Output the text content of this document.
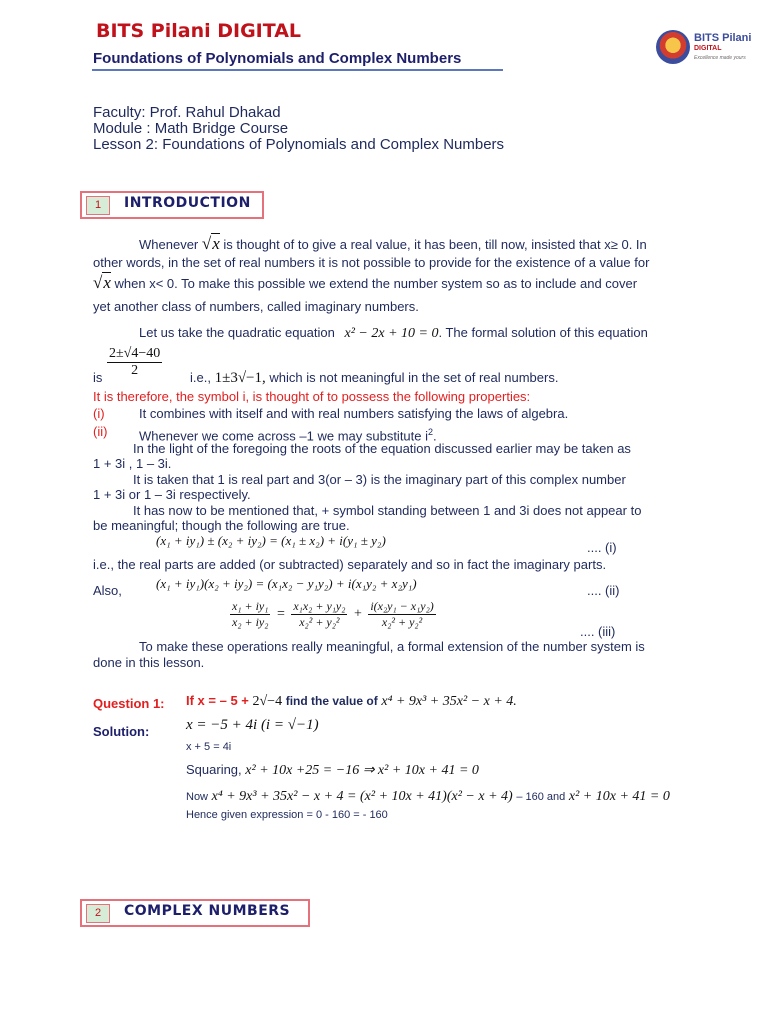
BITS Pilani DIGITAL
Foundations of Polynomials and Complex Numbers
BITS Pilani
DIGITAL
Excellence made yours
Faculty: Prof. Rahul Dhakad
Module : Math Bridge Course
Lesson 2: Foundations of Polynomials and Complex Numbers
1	INTRODUCTION
Whenever √x is thought of to give a real value, it has been, till now, insisted that x≥ 0. In
other words, in the set of real numbers it is not possible to provide for the existence of a value for
√x when x< 0. To make this possible we extend the number system so as to include and cover
yet another class of numbers, called imaginary numbers.
Let us take the quadratic equation x² − 2x + 10 = 0. The formal solution of this equation
$\frac{2\pm√4-40}{2}$
is	i.e., 1±3√−1, which is not meaningful in the set of real numbers.
It is therefore, the symbol i, is thought of to possess the following properties:
(i)	It combines with itself and with real numbers satisfying the laws of algebra.
(ii) Whenever we come across –1 we may substitute $i^2$.
In the light of the foregoing the roots of the equation discussed earlier may be taken as
1 + 3i , 1 – 3i.
It is taken that 1 is real part and 3(or – 3) is the imaginary part of this complex number
1 + 3i or 1 – 3i respectively.
It has now to be mentioned that, + symbol standing between 1 and 3i does not appear to
be meaningful; though the following are true.
(x₁ + iy₁) ± (x₂ + iy₂) = (x₁ ± x₂) + i(y₁ ± y₂)	.... (i)
i.e., the real parts are added (or subtracted) separately and so in fact the imaginary parts.
Also,	(x₁ + iy₁)(x₂ + iy₂) = (x₁x₂ − y₁y₂) + i(x₁y₂ + x₂y₁)	.... (ii)
$\frac{\text{x₁ + iy₁}}{\text{x₂ + iy₂}} = \frac{\text{x₁x₂ + y₁y₂}}{\text{x₂² + y₂²}} + \frac{\text{i(x₂y₁ − x₁y₂)}}{\text{x₂² + y₂²}}$
.... (iii)
To make these operations really meaningful, a formal extension of the number system is
done in this lesson.
Question 1: If x = – 5 + 2√−4 find the value of x⁴ + 9x³ + 35x² − x + 4.
Solution: x = −5 + 4i (i = √−1)
x + 5 = 4i
Squaring, x² + 10x +25 = −16 ⇒ x² + 10x + 41 = 0
Now x⁴ + 9x³ + 35x² − x + 4 = (x² + 10x + 41)(x² − x + 4) – 160 and x² + 10x + 41 = 0
Hence given expression = 0 - 160 = - 160
2	COMPLEX NUMBERS
